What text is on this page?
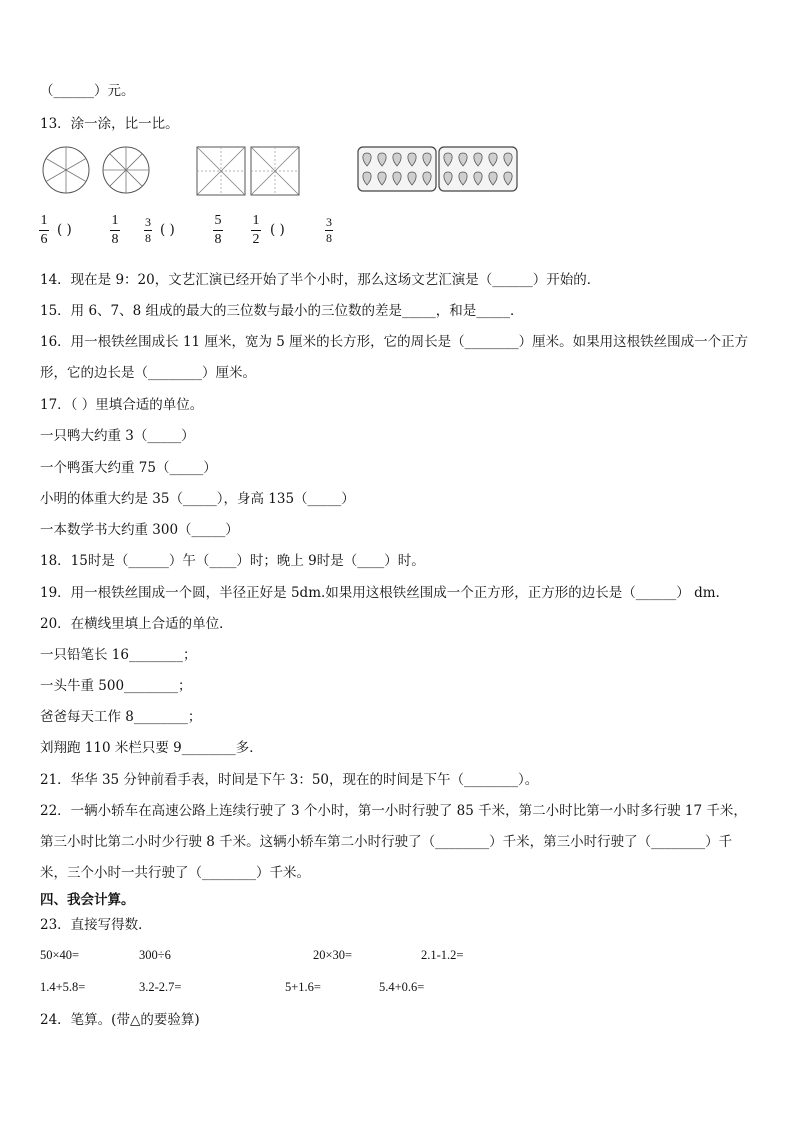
（______）元。
13．涂一涂，比一比。
1
6
( )
1
8
3
8 ( )
5
8
1
2
( )	3
8
14．现在是 9：20，文艺汇演已经开始了半个小时，那么这场文艺汇演是（______）开始的．
15．用 6、7、8 组成的最大的三位数与最小的三位数的差是_____，和是_____．
16．用一根铁丝围成长 11 厘米，宽为 5 厘米的长方形，它的周长是（________）厘米。如果用这根铁丝围成一个正方
形，它的边长是（________）厘米。
17．（ ）里填合适的单位。
一只鸭大约重 3（_____）
一个鸭蛋大约重 75（_____）
小明的体重大约是 35（_____），身高 135（_____）
一本数学书大约重 300（_____）
18．15时是（______）午（____）时；晚上 9时是（____）时。
19．用一根铁丝围成一个圆，半径正好是 5dm.如果用这根铁丝围成一个正方形，正方形的边长是（______） dm.
20．在横线里填上合适的单位．
一只铅笔长 16________；
一头牛重 500________；
爸爸每天工作 8________；
刘翔跑 110 米栏只要 9________多．
21．华华 35 分钟前看手表，时间是下午 3：50，现在的时间是下午（________）。
22．一辆小轿车在高速公路上连续行驶了 3 个小时，第一小时行驶了 85 千米，第二小时比第一小时多行驶 17 千米，
第三小时比第二小时少行驶 8 千米。这辆小轿车第二小时行驶了（________）千米，第三小时行驶了（________）千
米，三个小时一共行驶了（________）千米。
四、我会计算。
23．直接写得数．
50×40=	300÷6	20×30=	2.1-1.2=
1.4+5.8=	3.2-2.7=	5+1.6=	5.4+0.6=
24．笔算。(带△的要验算)
